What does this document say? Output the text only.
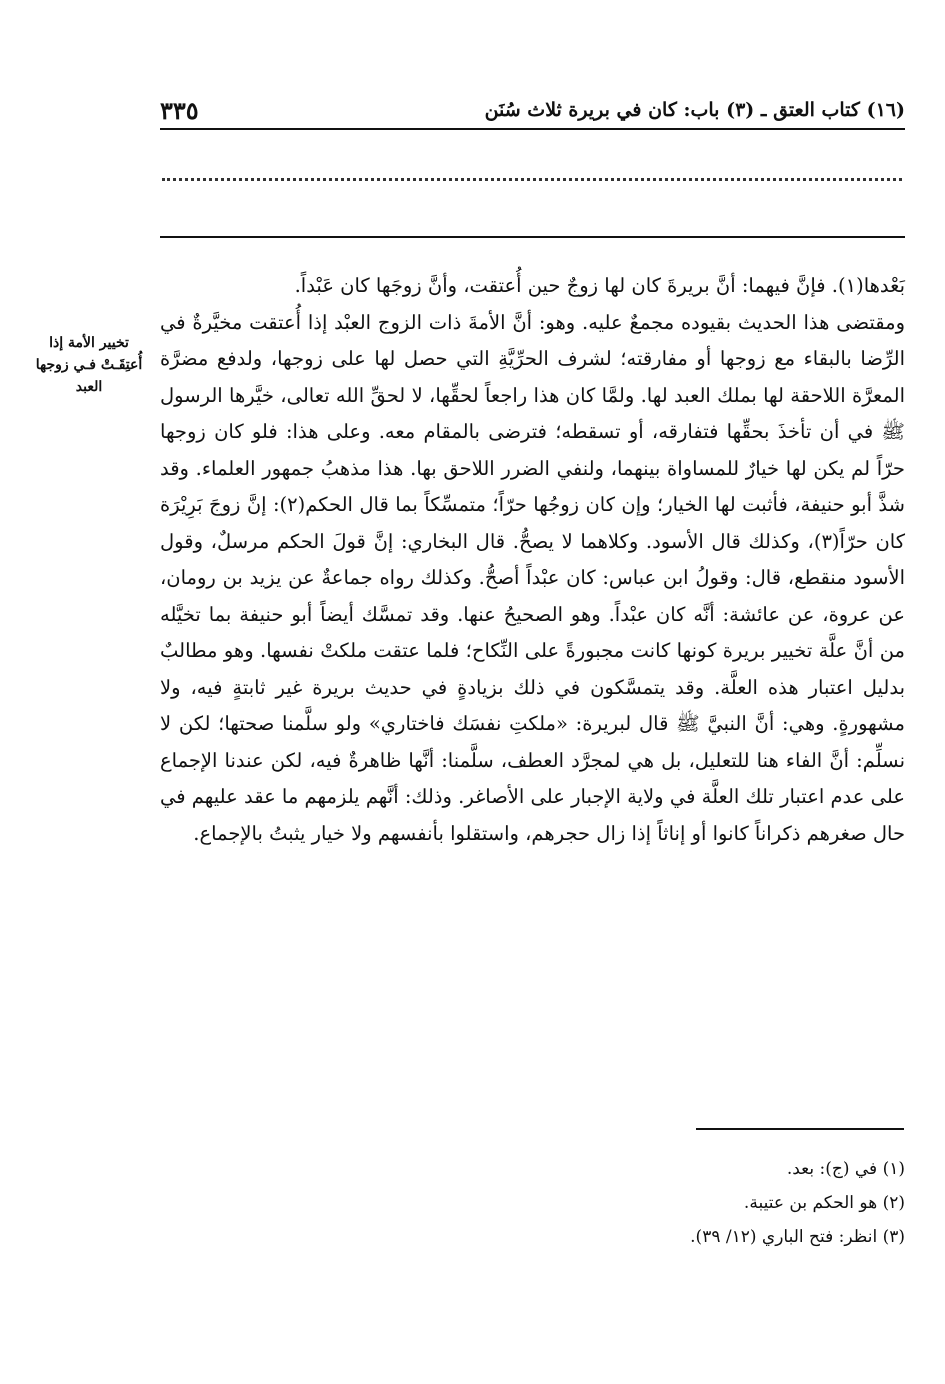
٣٣٥	(١٦) كتاب العتق ـ (٣) باب: كان في بريرة ثلاث سُنَن
تخيير الأمة إذا أُعتِقَـتْ فـي زوجها العبد
بَعْدها(١). فإنَّ فيهما: أنَّ بريرةَ كان لها زوجٌ حين أُعتقت، وأنَّ زوجَها كان عَبْداً.
ومقتضى هذا الحديث بقيوده مجمعٌ عليه. وهو: أنَّ الأمةَ ذات الزوج العبْد إذا أُعتقت مخيَّرةٌ في الرِّضا بالبقاء مع زوجها أو مفارقته؛ لشرف الحرِّيَّةِ التي حصل لها على زوجها، ولدفع مضرَّة المعرَّة اللاحقة لها بملك العبد لها. ولمَّا كان هذا راجعاً لحقِّها، لا لحقِّ الله تعالى، خيَّرها الرسول ﷺ في أن تأخذَ بحقِّها فتفارقه، أو تسقطه؛ فترضى بالمقام معه. وعلى هذا: فلو كان زوجها حرّاً لم يكن لها خيارٌ للمساواة بينهما، ولنفي الضرر اللاحق بها. هذا مذهبُ جمهور العلماء. وقد شذَّ أبو حنيفة، فأثبت لها الخيار؛ وإن كان زوجُها حرّاً؛ متمسِّكاً بما قال الحكم(٢): إنَّ زوجَ بَرِيْرَة كان حرّاً(٣)، وكذلك قال الأسود. وكلاهما لا يصحُّ. قال البخاري: إنَّ قولَ الحكم مرسلٌ، وقول الأسود منقطع، قال: وقولُ ابن عباس: كان عبْداً أصحُّ. وكذلك رواه جماعةٌ عن يزيد بن رومان، عن عروة، عن عائشة: أنَّه كان عبْداً. وهو الصحيحُ عنها. وقد تمسَّك أيضاً أبو حنيفة بما تخيَّله من أنَّ علَّة تخيير بريرة كونها كانت مجبورةً على النِّكاح؛ فلما عتقت ملكتْ نفسها. وهو مطالبٌ بدليل اعتبار هذه العلَّة. وقد يتمسَّكون في ذلك بزيادةٍ في حديث بريرة غير ثابتةٍ فيه، ولا مشهورةٍ. وهي: أنَّ النبيَّ ﷺ قال لبريرة: «ملكتِ نفسَك فاختاري» ولو سلَّمنا صحتها؛ لكن لا نسلِّم: أنَّ الفاء هنا للتعليل، بل هي لمجرَّد العطف، سلَّمنا: أنَّها ظاهرةٌ فيه، لكن عندنا الإجماع على عدم اعتبار تلك العلَّة في ولاية الإجبار على الأصاغر. وذلك: أنَّهم يلزمهم ما عقد عليهم في حال صغرهم ذكراناً كانوا أو إناثاً إذا زال حجرهم، واستقلوا بأنفسهم ولا خيار يثبتُ بالإجماع.
(١) في (ج): بعد.
(٢) هو الحكم بن عتيبة.
(٣) انظر: فتح الباري (١٢/ ٣٩).
